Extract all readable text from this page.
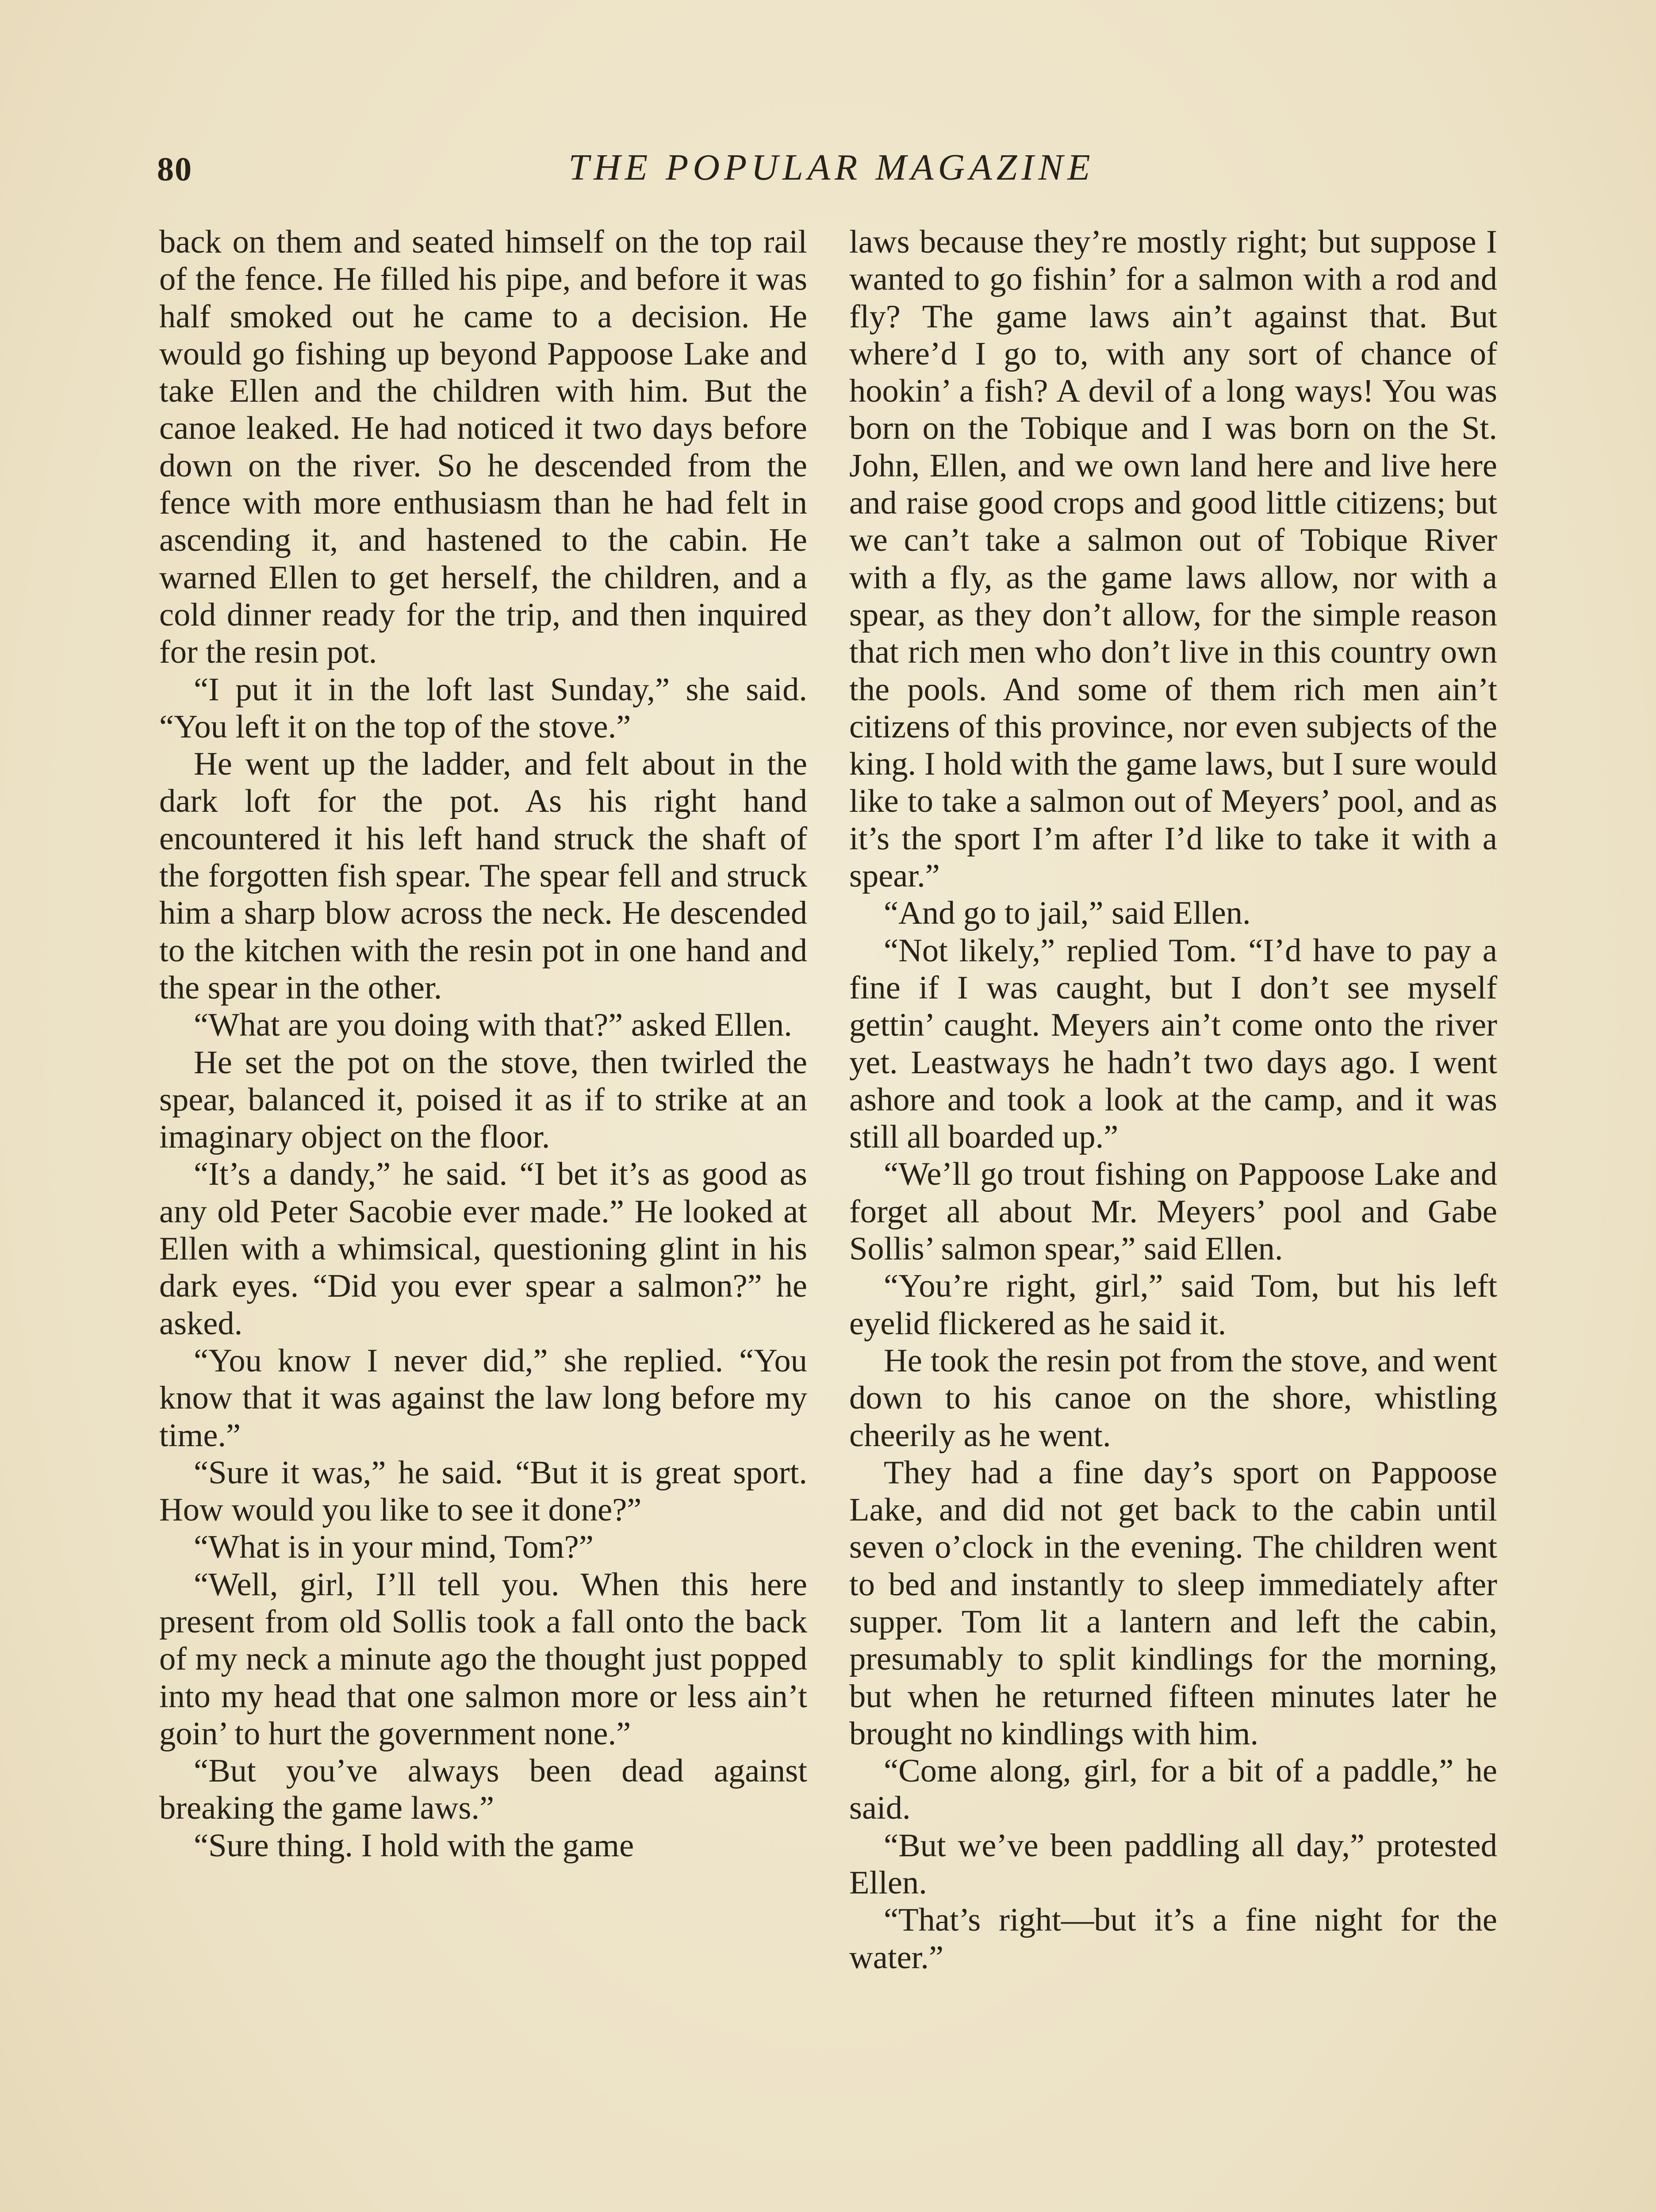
80	THE POPULAR MAGAZINE

back on them and seated himself on the top rail of the fence. He filled his pipe, and before it was half smoked out he came to a decision. He would go fishing up beyond Pappoose Lake and take Ellen and the children with him. But the canoe leaked. He had noticed it two days before down on the river. So he descended from the fence with more enthusiasm than he had felt in ascending it, and hastened to the cabin. He warned Ellen to get herself, the children, and a cold dinner ready for the trip, and then inquired for the resin pot.

“I put it in the loft last Sunday,” she said. “You left it on the top of the stove.”

He went up the ladder, and felt about in the dark loft for the pot. As his right hand encountered it his left hand struck the shaft of the forgotten fish spear. The spear fell and struck him a sharp blow across the neck. He descended to the kitchen with the resin pot in one hand and the spear in the other.

“What are you doing with that?” asked Ellen.

He set the pot on the stove, then twirled the spear, balanced it, poised it as if to strike at an imaginary object on the floor.

“It’s a dandy,” he said. “I bet it’s as good as any old Peter Sacobie ever made.” He looked at Ellen with a whimsical, questioning glint in his dark eyes. “Did you ever spear a salmon?” he asked.

“You know I never did,” she replied. “You know that it was against the law long before my time.”

“Sure it was,” he said. “But it is great sport. How would you like to see it done?”

“What is in your mind, Tom?”

“Well, girl, I’ll tell you. When this here present from old Sollis took a fall onto the back of my neck a minute ago the thought just popped into my head that one salmon more or less ain’t goin’ to hurt the government none.”

“But you’ve always been dead against breaking the game laws.”

“Sure thing. I hold with the game

laws because they’re mostly right; but suppose I wanted to go fishin’ for a salmon with a rod and fly? The game laws ain’t against that. But where’d I go to, with any sort of chance of hookin’ a fish? A devil of a long ways! You was born on the Tobique and I was born on the St. John, Ellen, and we own land here and live here and raise good crops and good little citizens; but we can’t take a salmon out of Tobique River with a fly, as the game laws allow, nor with a spear, as they don’t allow, for the simple reason that rich men who don’t live in this country own the pools. And some of them rich men ain’t citizens of this province, nor even subjects of the king. I hold with the game laws, but I sure would like to take a salmon out of Meyers’ pool, and as it’s the sport I’m after I’d like to take it with a spear.”

“And go to jail,” said Ellen.

“Not likely,” replied Tom. “I’d have to pay a fine if I was caught, but I don’t see myself gettin’ caught. Meyers ain’t come onto the river yet. Leastways he hadn’t two days ago. I went ashore and took a look at the camp, and it was still all boarded up.”

“We’ll go trout fishing on Pappoose Lake and forget all about Mr. Meyers’ pool and Gabe Sollis’ salmon spear,” said Ellen.

“You’re right, girl,” said Tom, but his left eyelid flickered as he said it.

He took the resin pot from the stove, and went down to his canoe on the shore, whistling cheerily as he went.

They had a fine day’s sport on Pappoose Lake, and did not get back to the cabin until seven o’clock in the evening. The children went to bed and instantly to sleep immediately after supper. Tom lit a lantern and left the cabin, presumably to split kindlings for the morning, but when he returned fifteen minutes later he brought no kindlings with him.

“Come along, girl, for a bit of a paddle,” he said.

“But we’ve been paddling all day,” protested Ellen.

“That’s right—but it’s a fine night for the water.”
